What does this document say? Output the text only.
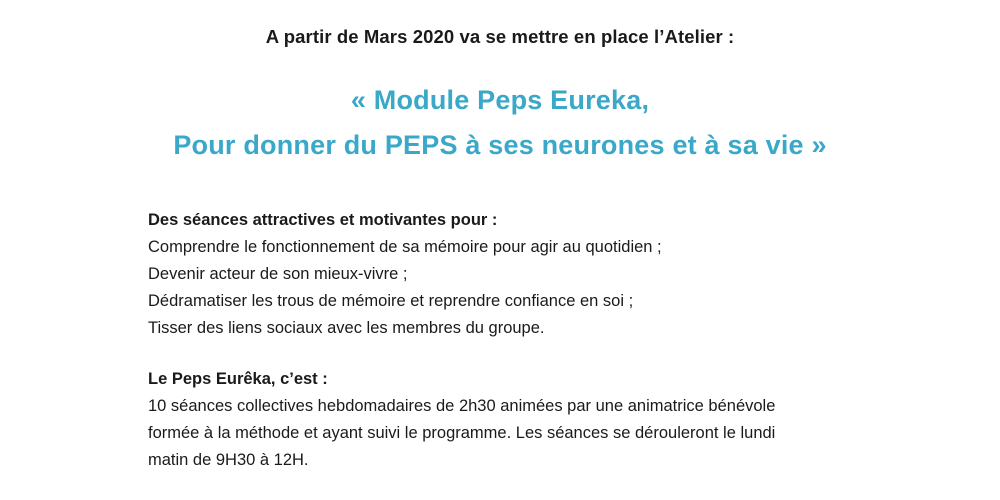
A partir de Mars 2020 va se mettre en place l’Atelier :
« Module Peps Eureka,
Pour donner du PEPS à ses neurones et à sa vie »

Des séances attractives et motivantes pour :

Comprendre le fonctionnement de sa mémoire pour agir au quotidien ;

Devenir acteur de son mieux-vivre ;

Dédramatiser les trous de mémoire et reprendre confiance en soi ;

Tisser des liens sociaux avec les membres du groupe.

Le Peps Eurêka, c’est :

10 séances collectives hebdomadaires de 2h30 animées par une animatrice bénévole

formée à la méthode et ayant suivi le programme. Les séances se dérouleront le lundi

matin de 9H30 à 12H.
